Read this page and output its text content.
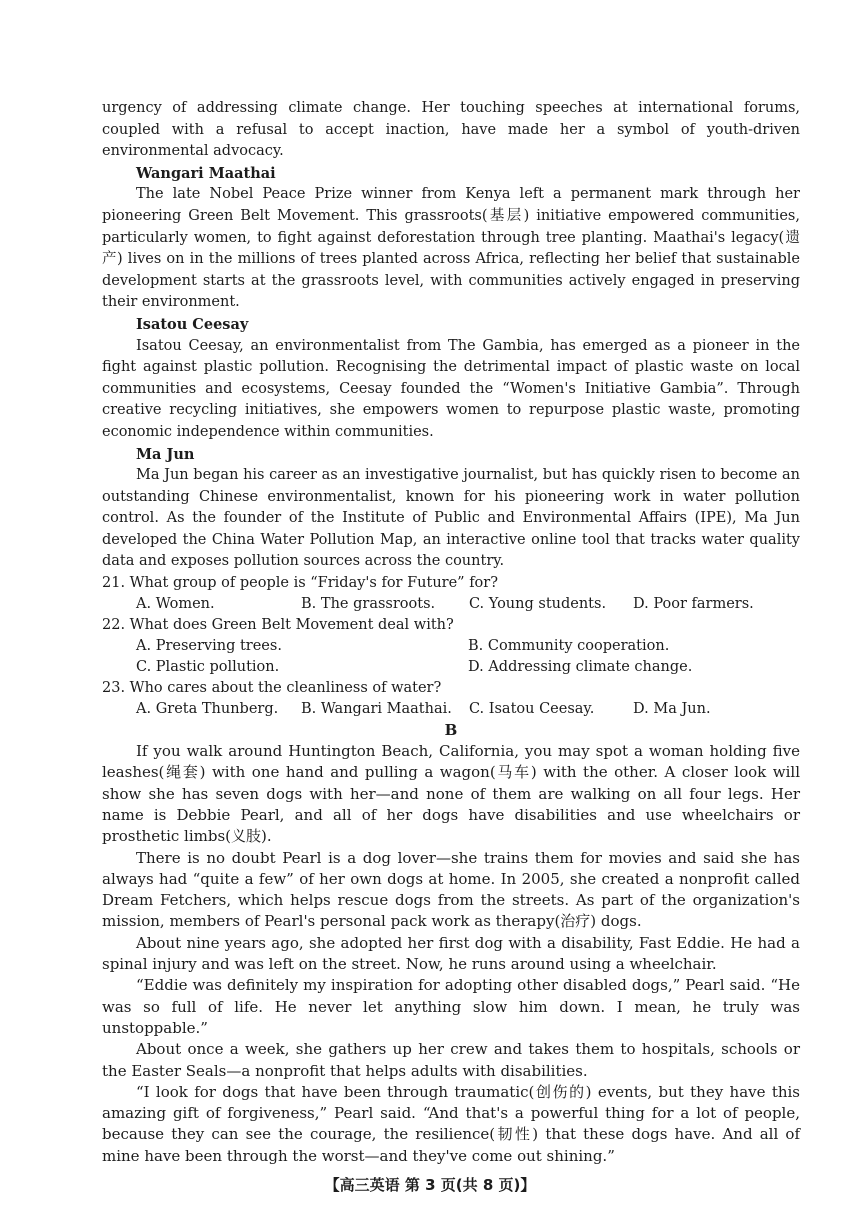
urgency of addressing climate change. Her touching speeches at international forums, coupled with a refusal to accept inaction, have made her a symbol of youth-driven environmental advocacy.

Wangari Maathai

The late Nobel Peace Prize winner from Kenya left a permanent mark through her pioneering Green Belt Movement. This grassroots(基层) initiative empowered communities, particularly women, to fight against deforestation through tree planting. Maathai's legacy(遗产) lives on in the millions of trees planted across Africa, reflecting her belief that sustainable development starts at the grassroots level, with communities actively engaged in preserving their environment.

Isatou Ceesay

Isatou Ceesay, an environmentalist from The Gambia, has emerged as a pioneer in the fight against plastic pollution. Recognising the detrimental impact of plastic waste on local communities and ecosystems, Ceesay founded the “Women's Initiative Gambia”. Through creative recycling initiatives, she empowers women to repurpose plastic waste, promoting economic independence within communities.

Ma Jun

Ma Jun began his career as an investigative journalist, but has quickly risen to become an outstanding Chinese environmentalist, known for his pioneering work in water pollution control. As the founder of the Institute of Public and Environmental Affairs (IPE), Ma Jun developed the China Water Pollution Map, an interactive online tool that tracks water quality data and exposes pollution sources across the country.

21. What group of people is “Friday's for Future” for?
A. Women.	B. The grassroots.	C. Young students.	D. Poor farmers.
22. What does Green Belt Movement deal with?
A. Preserving trees.	B. Community cooperation.
C. Plastic pollution.	D. Addressing climate change.
23. Who cares about the cleanliness of water?
A. Greta Thunberg.	B. Wangari Maathai.	C. Isatou Ceesay.	D. Ma Jun.
B

If you walk around Huntington Beach, California, you may spot a woman holding five leashes(绳套) with one hand and pulling a wagon(马车) with the other. A closer look will show she has seven dogs with her—and none of them are walking on all four legs. Her name is Debbie Pearl, and all of her dogs have disabilities and use wheelchairs or prosthetic limbs(义肢).

There is no doubt Pearl is a dog lover—she trains them for movies and said she has always had “quite a few” of her own dogs at home. In 2005, she created a nonprofit called Dream Fetchers, which helps rescue dogs from the streets. As part of the organization's mission, members of Pearl's personal pack work as therapy(治疗) dogs.

About nine years ago, she adopted her first dog with a disability, Fast Eddie. He had a spinal injury and was left on the street. Now, he runs around using a wheelchair.

“Eddie was definitely my inspiration for adopting other disabled dogs,” Pearl said. “He was so full of life. He never let anything slow him down. I mean, he truly was unstoppable.”

About once a week, she gathers up her crew and takes them to hospitals, schools or the Easter Seals—a nonprofit that helps adults with disabilities.

“I look for dogs that have been through traumatic(创伤的) events, but they have this amazing gift of forgiveness,” Pearl said. “And that's a powerful thing for a lot of people, because they can see the courage, the resilience(韧性) that these dogs have. And all of mine have been through the worst—and they've come out shining.”

【高三英语 第 3 页(共 8 页)】
